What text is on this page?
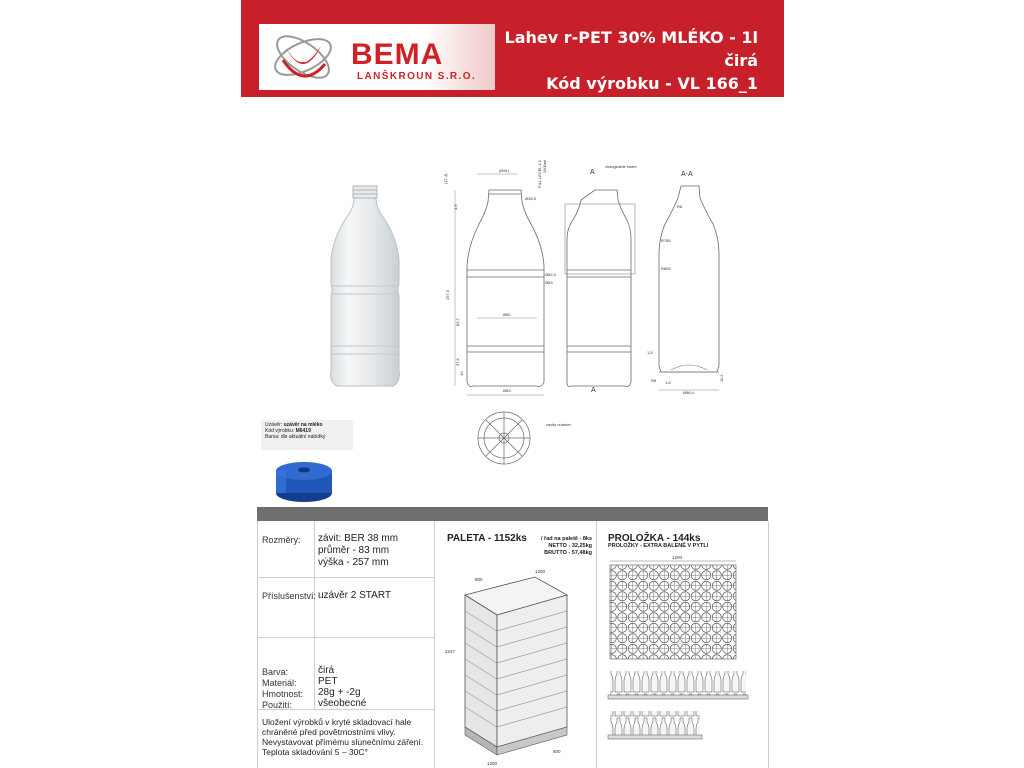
BEMA
LANŠKROUN S.R.O.
Lahev r-PET 30% MLÉKO - 1l
čirá
Kód výrobku - VL 166_1
FILL LEVEL 4 1 1000ml
(Ø41)
Ø35,5
(17,4)
4,6
257,5
Ø82,3
Ø83
Ø80
83,7
37,6
10
Ø83
A
changeable insert
A
A-A
R8
R785
R805
1,5
1,8
R8
Ø66,4
11,2
cavity number
Uzávěr: uzávěr na mléko
Kód výrobku: M6419
Barva: dle aktuální nabídky
Rozměry: závit: BER 38 mm
průměr - 83 mm
výška - 257 mm
Příslušenství: uzávěr 2 START
Barva:	čirá
Materiál: PET
Hmotnost: 28g + -2g
Použití:	všeobecné
Uložení výrobků v kryté skladovací hale
chráněné před povětrnostními vlivy.
Nevystavovat přímému slunečnímu záření.
Teplota skladování 5 – 30C°
PALETA - 1152ks	/ řad na paletě - 8ks
NETTO - 32,25kg
BRUTTO - 57,48kg
800
1200
2247
1200
800
PROLOŽKA - 144ks
PROLOŽKY - EXTRA BALENÉ V PYTLI
1200
